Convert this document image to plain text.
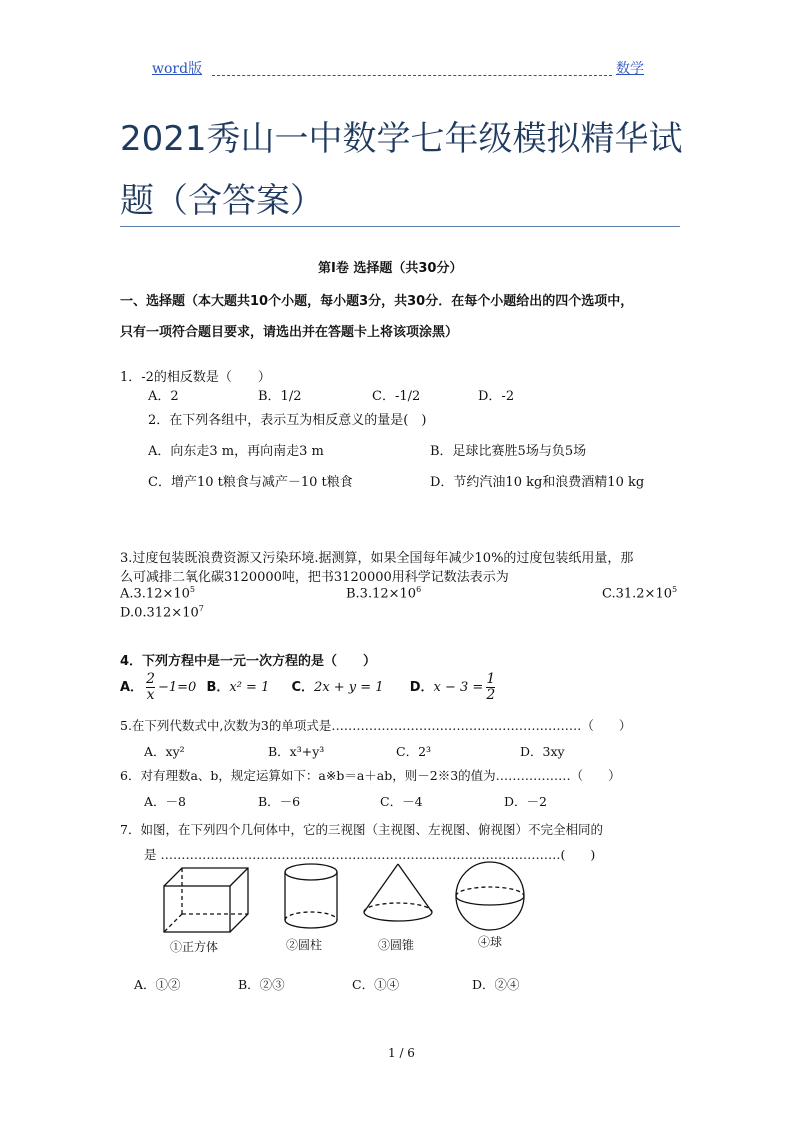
word版	数学
2021秀山一中数学七年级模拟精华试题（含答案）
第Ⅰ卷 选择题（共30分）
一、选择题（本大题共10个小题，每小题3分，共30分．在每个小题给出的四个选项中，
只有一项符合题目要求，请选出并在答题卡上将该项涂黑）
1．-2的相反数是（　　）
A．2	B．1/2	C．-1/2	D．-2
2．在下列各组中，表示互为相反意义的量是(　)
A．向东走3 m，再向南走3 m	B．足球比赛胜5场与负5场
C．增产10 t粮食与减产－10 t粮食	D．节约汽油10 kg和浪费酒精10 kg
3.过度包装既浪费资源又污染环境.据测算，如果全国每年减少10%的过度包装纸用量，那
么可减排二氧化碳3120000吨，把书3120000用科学记数法表示为
$A.3.12\times 10^5$	$B.3.12\times 10^6$	$C.31.2\times 10^5$
$D.0.312\times 10^7$
4．下列方程中是一元一次方程的是（　　）
A． $\frac{2}{x} -1=0$ B．x² = 1 C．2x + y = 1 D．$x - 3 = \frac{1}{2}$
5.在下列代数式中,次数为3的单项式是……………………………………………………（　　）
A．xy²	B．x³+y³	C．2³	D．3xy
6．对有理数a、b，规定运算如下：a※b＝a＋ab，则－2※3的值为………………（　　）
A．－8	B．－6	C．－4	D．－2
7．如图，在下列四个几何体中，它的三视图（主视图、左视图、俯视图）不完全相同的
是 ……………………………………………………………………………………(　　)
①正方体	②圆柱	③圆锥	④球
A．①②	B．②③	C．①④	D．②④
1 / 6
